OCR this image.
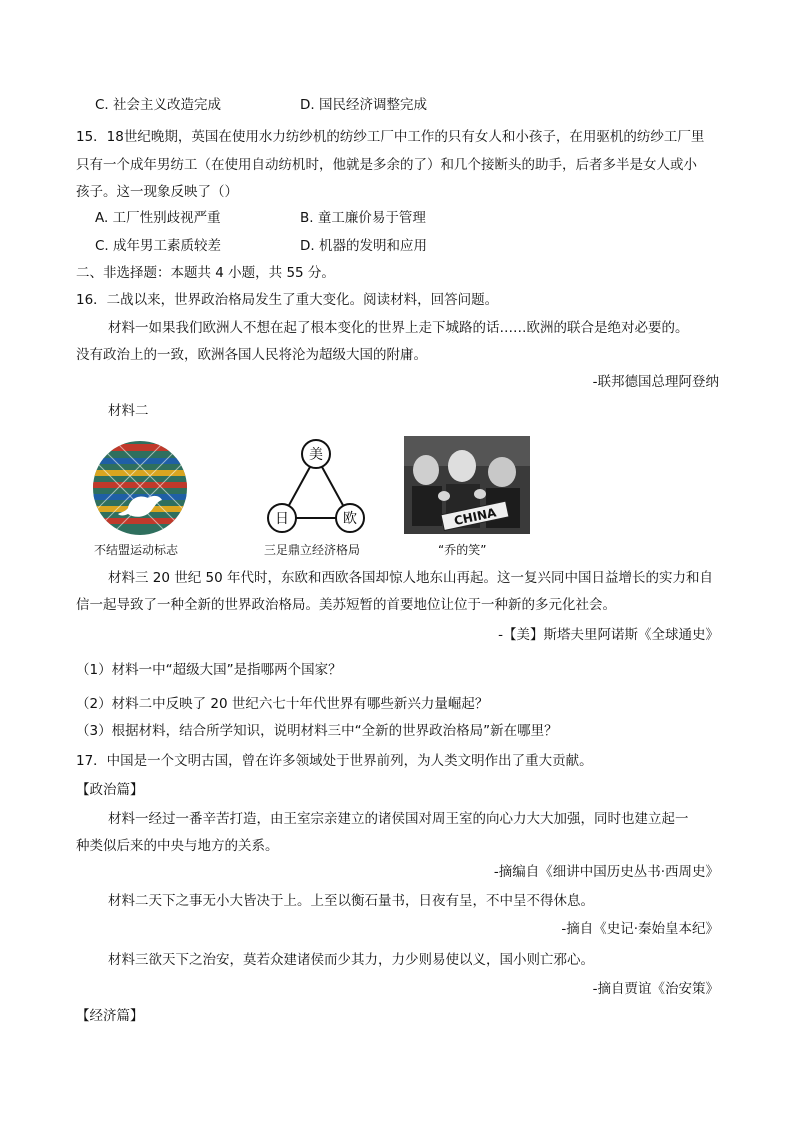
C. 社会主义改造完成	D. 国民经济调整完成
15．18世纪晚期，英国在使用水力纺纱机的纺纱工厂中工作的只有女人和小孩子，在用驱机的纺纱工厂里
只有一个成年男纺工（在使用自动纺机时，他就是多余的了）和几个接断头的助手，后者多半是女人或小
孩子。这一现象反映了（）
A. 工厂性别歧视严重	B. 童工廉价易于管理
C. 成年男工素质较差	D. 机器的发明和应用
二、非选择题：本题共 4 小题，共 55 分。
16．二战以来，世界政治格局发生了重大变化。阅读材料，回答问题。
材料一如果我们欧洲人不想在起了根本变化的世界上走下城路的话……欧洲的联合是绝对必要的。
没有政治上的一致，欧洲各国人民将沦为超级大国的附庸。
-联邦德国总理阿登纳
材料二
不结盟运动标志
美
日	欧
三足鼎立经济格局
CHINA
“乔的笑”
材料三 20 世纪 50 年代时，东欧和西欧各国却惊人地东山再起。这一复兴同中国日益增长的实力和自
信一起导致了一种全新的世界政治格局。美苏短暂的首要地位让位于一种新的多元化社会。
-【美】斯塔夫里阿诺斯《全球通史》
（1）材料一中“超级大国”是指哪两个国家？
（2）材料二中反映了 20 世纪六七十年代世界有哪些新兴力量崛起？
（3）根据材料，结合所学知识，说明材料三中“全新的世界政治格局”新在哪里？
17．中国是一个文明古国，曾在许多领域处于世界前列，为人类文明作出了重大贡献。
【政治篇】
材料一经过一番辛苦打造，由王室宗亲建立的诸侯国对周王室的向心力大大加强，同时也建立起一
种类似后来的中央与地方的关系。
-摘编自《细讲中国历史丛书·西周史》
材料二天下之事无小大皆决于上。上至以衡石量书，日夜有呈，不中呈不得休息。
-摘自《史记·秦始皇本纪》
材料三欲天下之治安，莫若众建诸侯而少其力，力少则易使以义，国小则亡邪心。
-摘自贾谊《治安策》
【经济篇】
